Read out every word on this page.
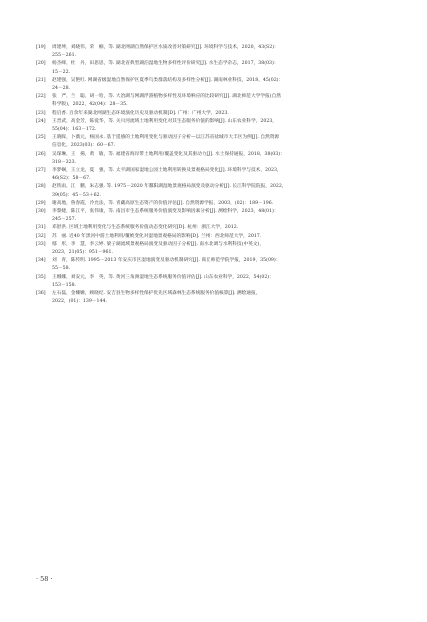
[19]	周建坤，刘晓伟，荣　楠，等. 湖北网湖自然保护区水质改善对策研究[J]. 环境科学与技术，2020，43(S2)：
255－261.
[20]	杨杰峰，杜　丹，田思思，等. 湖北省典型湖泊湿地生物多样性评价研究[J]. 水生态学杂志，2017，38(03)：
15－22.
[21]	赵建强，吴艳红. 网湖省级湿地自然保护区夏季鸟类群落结构及多样性分析[J]. 湖南林业科技，2018，45(02)：
24－28.
[22]	张　严，兰　聪，胡一哈，等. 大冶湖与网湖浮游植物多样性及环境响应的比较研究[J]. 湖北师范大学学报(自然
科学版)，2022，42(04)：28－35.
[23]	程启香. 百余年来湖北网湖生态环境演化历史及驱动机制[D]. 广州：广州大学，2023.
[24]	王晋武，高金芳，陈爱华，等. 关川河流域土地利用变化对其生态服务价值的影响[J]. 山东农业科学，2023，
55(04)：163－172.
[25]	王晓晖，卜薇元，杨国永. 基于遥感的土地利用变化与驱动因子分析—以江苏省盐城市大丰区为例[J]. 自然资源
信息化，2023(03)：60－67.
[26]	吴琛琳，王　揚，黄　敏，等. 福建省海岸带土地利用/覆盖变化及其驱动力[J]. 水土保持通报，2018，38(03)：
318－323.
[27]	李梦娴，王立龙，夏　强，等. 太平湖国家湿地公园土地利用转换及景观格局变化[J]. 环境科学与技术，2023，
46(S2)：58－67.
[28]	赵铁雨，江　鹏，朱志强. 等. 1975－2020 年鄱阳湖湿地景观格局演变及驱动分析[J]. 长江科学院院报，2022，
39(05)：45－53＋62.
[29]	谢高地，鲁春霞，冷允法，等. 青藏高原生态资产的价值评估[J]. 自然资源学报，2003，(02)：189－196.
[30]	李黎婕，陈江平，张伟康，等. 南昌市生态系统服务价值演变及影响因素分析[J]. 测绘科学，2023，48(01)：
245－257.
[31]	邓舒洪. 区域土地利用变化与生态系统服务价值动态变化研究[D]. 杭州：浙江大学，2012.
[32]	苏　丽. 近40 年黑河中游土地利用/覆被变化对湿地景观格局的影响[D]. 兰州：西北师范大学，2017.
[33]	鄢　彤，李　慧，李云婷. 梁子湖流域景观格局演变及驱动因子分析[J]. 南水北调与水利科技(中英文)，
2023，21(05)：951－961.
[34]	刘　青，陈传明. 1995－2013 年安庆市区湿地演变及驱动机制研究[J]. 商丘师范学院学报，2019，35(09)：
55－58.
[35]	王娜娜，刘安元，李　英，等. 黄河三角洲湿地生态系统服务价值评估[J]. 山东农业科学，2022，54(02)：
153－158.
[36]	左石磊，金姗姗，顾晓纪. 安吉县生物多样性保护优先区域森林生态系统服务价值核算[J]. 测绘通报，
2022，(01)：139－144.
· 58 ·
